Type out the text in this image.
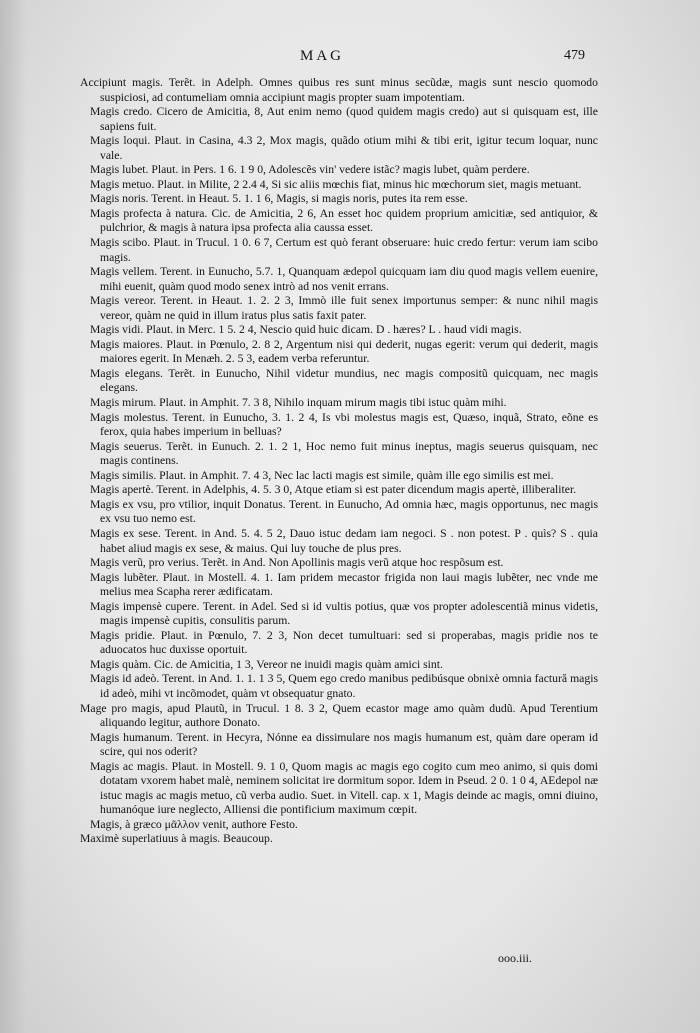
MAG	479

Accipiunt magis. Terẽt. in Adelph. Omnes quibus res sunt minus secũdæ, magis sunt nescio quomodo suspiciosi, ad contumeliam omnia accipiunt magis propter suam impotentiam.

Magis credo. Cicero de Amicitia, 8, Aut enim nemo (quod quidem magis credo) aut si quisquam est, ille sapiens fuit.

Magis loqui. Plaut. in Casina, 4.3 2, Mox magis, quãdo otium mihi & tibi erit, igitur tecum loquar, nunc vale.

Magis lubet. Plaut. in Pers. 1 6. 1 9 0, Adolescẽs vin' vedere istãc? magis lubet, quàm perdere.

Magis metuo. Plaut. in Milite, 2 2.4 4, Si sic aliis mœchis fiat, minus hic mœchorum siet, magis metuant.

Magis noris. Terent. in Heaut. 5. 1. 1 6, Magis, si magis noris, putes ita rem esse.

Magis profecta à natura. Cic. de Amicitia, 2 6, An esset hoc quidem proprium amicitiæ, sed antiquior, & pulchrior, & magis à natura ipsa profecta alia caussa esset.

Magis scibo. Plaut. in Trucul. 1 0. 6 7, Certum est quò ferant obseruare: huic credo fertur: verum iam scibo magis.

Magis vellem. Terent. in Eunucho, 5.7. 1, Quanquam ædepol quicquam iam diu quod magis vellem euenire, mihi euenit, quàm quod modo senex intrò ad nos venit errans.

Magis vereor. Terent. in Heaut. 1. 2. 2 3, Immò ille fuit senex importunus semper: & nunc nihil magis vereor, quàm ne quid in illum iratus plus satis faxit pater.

Magis vidi. Plaut. in Merc. 1 5. 2 4, Nescio quid huic dicam. D . hæres? L . haud vidi magis.

Magis maiores. Plaut. in Pœnulo, 2. 8 2, Argentum nisi qui dederit, nugas egerit: verum qui dederit, magis maiores egerit. In Menæh. 2. 5 3, eadem verba referuntur.

Magis elegans. Terẽt. in Eunucho, Nihil videtur mundius, nec magis compositũ quicquam, nec magis elegans.

Magis mirum. Plaut. in Amphit. 7. 3 8, Nihilo inquam mirum magis tibi istuc quàm mihi.

Magis molestus. Terent. in Eunucho, 3. 1. 2 4, Is vbi molestus magis est, Quæso, inquã, Strato, eõne es ferox, quia habes imperium in belluas?

Magis seuerus. Terẽt. in Eunuch. 2. 1. 2 1, Hoc nemo fuit minus ineptus, magis seuerus quisquam, nec magis continens.

Magis similis. Plaut. in Amphit. 7. 4 3, Nec lac lacti magis est simile, quàm ille ego similis est mei.

Magis apertè. Terent. in Adelphis, 4. 5. 3 0, Atque etiam si est pater dicendum magis apertè, illiberaliter.

Magis ex vsu, pro vtilior, inquit Donatus. Terent. in Eunucho, Ad omnia hæc, magis opportunus, nec magis ex vsu tuo nemo est.

Magis ex sese. Terent. in And. 5. 4. 5 2, Dauo istuc dedam iam negoci. S . non potest. P . quìs? S . quia habet aliud magis ex sese, & maius. Qui luy touche de plus pres.

Magis verũ, pro verius. Terẽt. in And. Non Apollinis magis verũ atque hoc respõsum est.

Magis lubẽter. Plaut. in Mostell. 4. 1. Iam pridem mecastor frigida non laui magis lubẽter, nec vnde me melius mea Scapha rerer ædificatam.

Magis impensè cupere. Terent. in Adel. Sed si id vultis potius, quæ vos propter adolescentiã minus videtis, magis impensè cupitis, consulitis parum.

Magis pridie. Plaut. in Pœnulo, 7. 2 3, Non decet tumultuari: sed si properabas, magis pridie nos te aduocatos huc duxisse oportuit.

Magis quàm. Cic. de Amicitia, 1 3, Vereor ne inuidi magis quàm amici sint.

Magis id adeò. Terent. in And. 1. 1. 1 3 5, Quem ego credo manibus pedibúsque obnixè omnia factură magis id adeò, mihi vt incõmodet, quàm vt obsequatur gnato.

Mage pro magis, apud Plautũ, in Trucul. 1 8. 3 2, Quem ecastor mage amo quàm dudũ. Apud Terentium aliquando legitur, authore Donato.

Magis humanum. Terent. in Hecyra, Nónne ea dissimulare nos magis humanum est, quàm dare operam id scire, qui nos oderit?

Magis ac magis. Plaut. in Mostell. 9. 1 0, Quom magis ac magis ego cogito cum meo animo, si quis domi dotatam vxorem habet malè, neminem solicitat ire dormitum sopor. Idem in Pseud. 2 0. 1 0 4, AEdepol næ istuc magis ac magis metuo, cũ verba audio. Suet. in Vitell. cap. x 1, Magis deinde ac magis, omni diuino, humanóque iure neglecto, Alliensi die pontificium maximum cœpit.

Magis, à græco μᾶλλον venit, authore Festo.

Maximè superlatiuus à magis. Beaucoup.

ooo.iii.
